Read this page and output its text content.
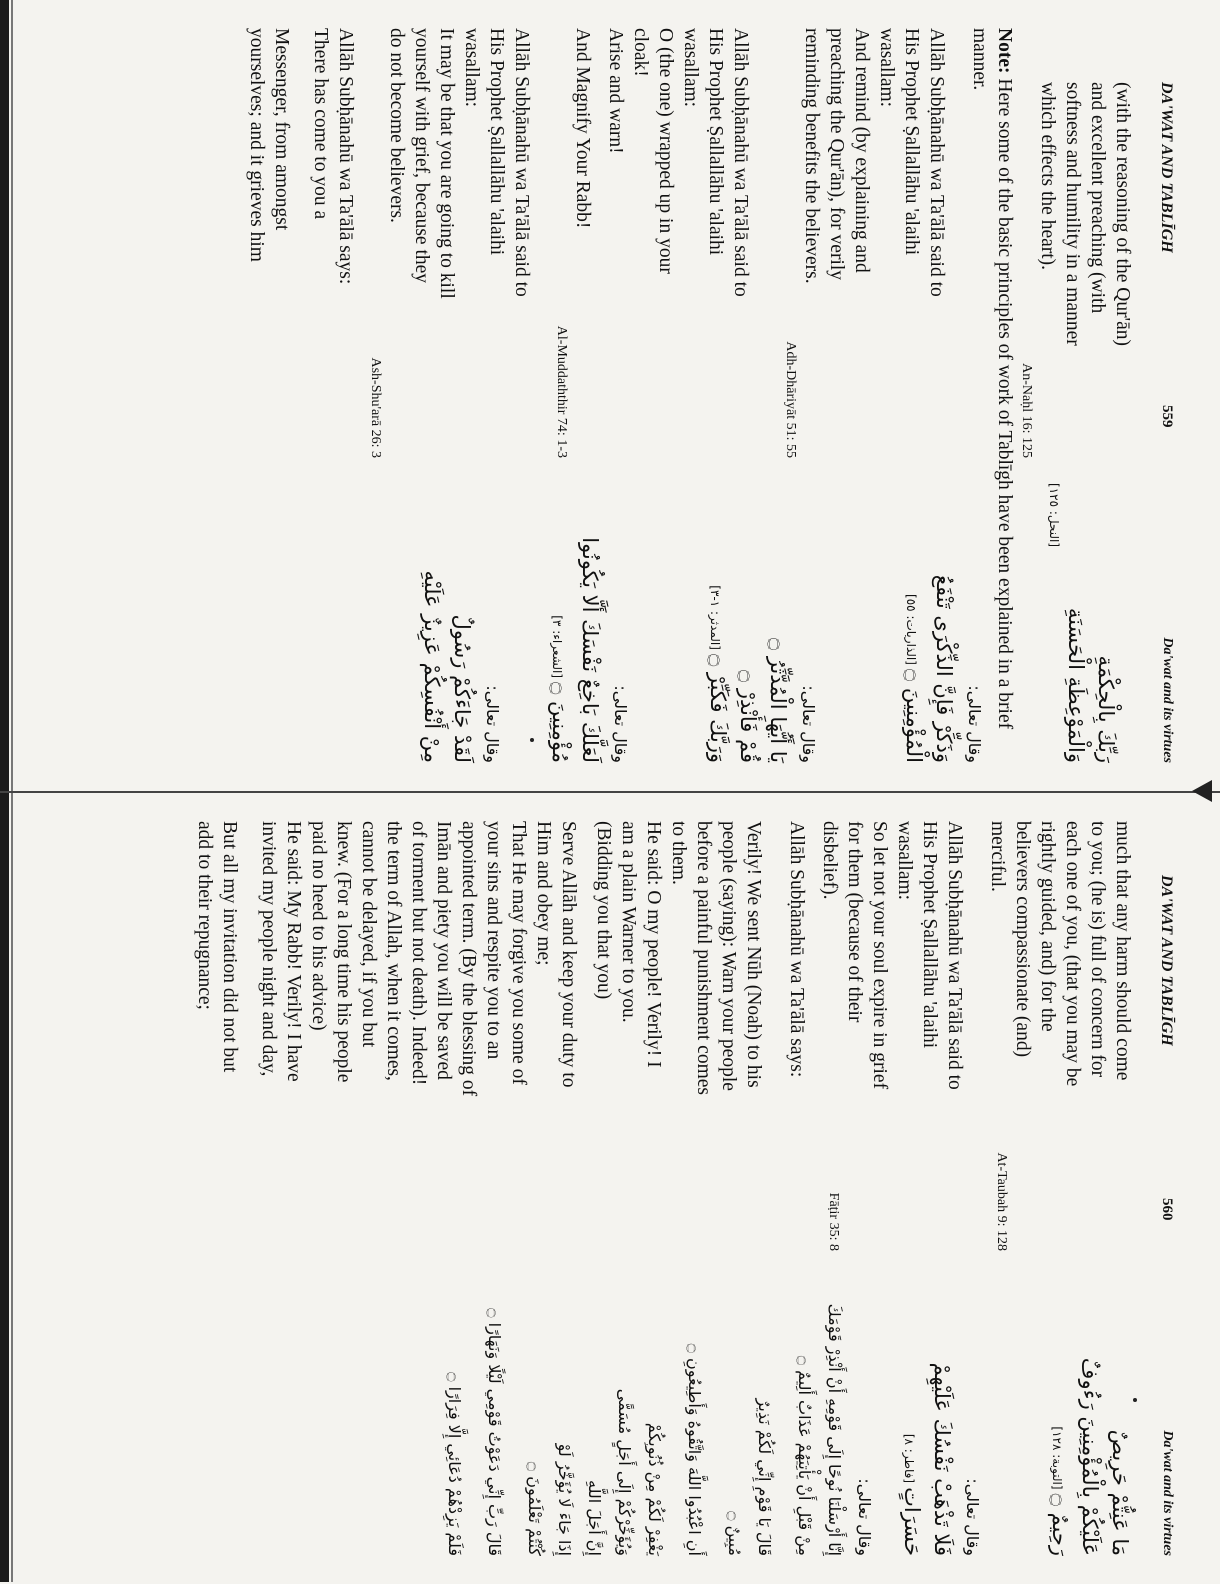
DA'WAT AND TABLĪGH
559
Da'wat and its virtues

(with the reasoning of the Qur'ān)

and excellent preaching (with

softness and humility in a manner

which effects the heart).

An-Naḥl 16: 125

Note: Here some of the basic principles of work of Tablīgh have been explained in a brief manner.

Allāh Subḥānahū wa Ta'ālā said to

His Prophet Ṣallallāhu 'alaihi

wasallam:

And remind (by explaining and

preaching the Qur'ān), for verily

reminding benefits the believers.

Adh-Dhāriyāt 51: 55

Allāh Subḥānahū wa Ta'ālā said to

His Prophet Ṣallallāhu 'alaihi

wasallam:

O (the one) wrapped up in your

cloak!

Arise and warn!

And Magnify Your Rabb!

Al-Muddaththir 74: 1-3

Allāh Subḥānahū wa Ta'ālā said to

His Prophet Ṣallallāhu 'alaihi

wasallam:

It may be that you are going to kill

yourself with grief, because they

do not become believers.

Ash-Shu'arā 26: 3

Allāh Subḥānahū wa Ta'ālā says:

There has come to you a

Messenger, from amongst

yourselves; and it grieves him

رَبِّكَ بِالْحِكْمَةِ

وَالْمَوْعِظَةِ الْحَسَنَةِ

[النحل: ١٢٥]

وقال تعالى:

وَذَكِّرْ فَإِنَّ الذِّكْرَى تَنْفَعُ

الْمُؤْمِنِينَ ۝

[الذاريات: ٥٥]

وقال تعالى:

يَا أَيُّهَا الْمُدَّثِّرُ ۝

قُمْ فَأَنْذِرْ ۝

وَرَبَّكَ فَكَبِّرْ ۝

[المدثر: ١-٣]

وقال تعالى:

لَعَلَّكَ بَاخِعٌ نَفْسَكَ أَلَّا يَكُونُوا

مُؤْمِنِينَ ۝

[الشعراء: ٣]

وقال تعالى:

لَقَدْ جَاءَكُمْ رَسُولٌ

مِنْ أَنْفُسِكُمْ عَزِيزٌ عَلَيْهِ

DA'WAT AND TABLĪGH
560
Da'wat and its virtues

much that any harm should come

to you; (he is) full of concern for

each one of you, (that you may be

rightly guided, and) for the

believers compassionate (and)

merciful.

At-Taubah 9: 128

Allāh Subḥānahū wa Ta'ālā said to

His Prophet Ṣallallāhu 'alaihi

wasallam:

So let not your soul expire in grief

for them (because of their

disbelief).

Fāṭir 35: 8

Allāh Subḥānahū wa Ta'ālā says:

Verily! We sent Nūh (Noah) to his

people (saying): Warn your people

before a painful punishment comes

to them.

He said: O my people! Verily! I

am a plain Warner to you.

(Bidding you that you)

Serve Allāh and keep your duty to

Him and obey me;

That He may forgive you some of

your sins and respite you to an

appointed term. (By the blessing of

Imān and piety you will be saved

of torment but not death). Indeed!

the term of Allah, when it comes,

cannot be delayed, if you but

knew. (For a long time his people

paid no heed to his advice)

He said: My Rabb! Verily! I have

invited my people night and day,

But all my invitation did not but

add to their repugnance;

مَا عَنِتُّمْ حَرِيصٌ

عَلَيْكُمْ بِالْمُؤْمِنِينَ رَءُوفٌ

رَحِيمٌ ۝

[التوبة: ١٢٨]

وقال تعالى:

فَلَا تَذْهَبْ نَفْسُكَ عَلَيْهِمْ

حَسَرَاتٍ

[فاطر: ٨]

وقال تعالى:

إِنَّا أَرْسَلْنَا نُوحًا إِلَى قَوْمِهِ أَنْ أَنْذِرْ قَوْمَكَ

مِنْ قَبْلِ أَنْ يَأْتِيَهُمْ عَذَابٌ أَلِيمٌ ۝

قَالَ يَا قَوْمِ إِنِّي لَكُمْ نَذِيرٌ

مُبِينٌ ۝

أَنِ اعْبُدُوا اللَّهَ وَاتَّقُوهُ وَأَطِيعُونِ ۝

يَغْفِرْ لَكُمْ مِنْ ذُنُوبِكُمْ

وَيُؤَخِّرْكُمْ إِلَى أَجَلٍ مُسَمًّى

إِنَّ أَجَلَ اللَّهِ

إِذَا جَاءَ لَا يُؤَخَّرُ لَوْ

كُنْتُمْ تَعْلَمُونَ ۝

قَالَ رَبِّ إِنِّي دَعَوْتُ قَوْمِي لَيْلًا وَنَهَارًا ۝

فَلَمْ يَزِدْهُمْ دُعَائِي إِلَّا فِرَارًا ۝
